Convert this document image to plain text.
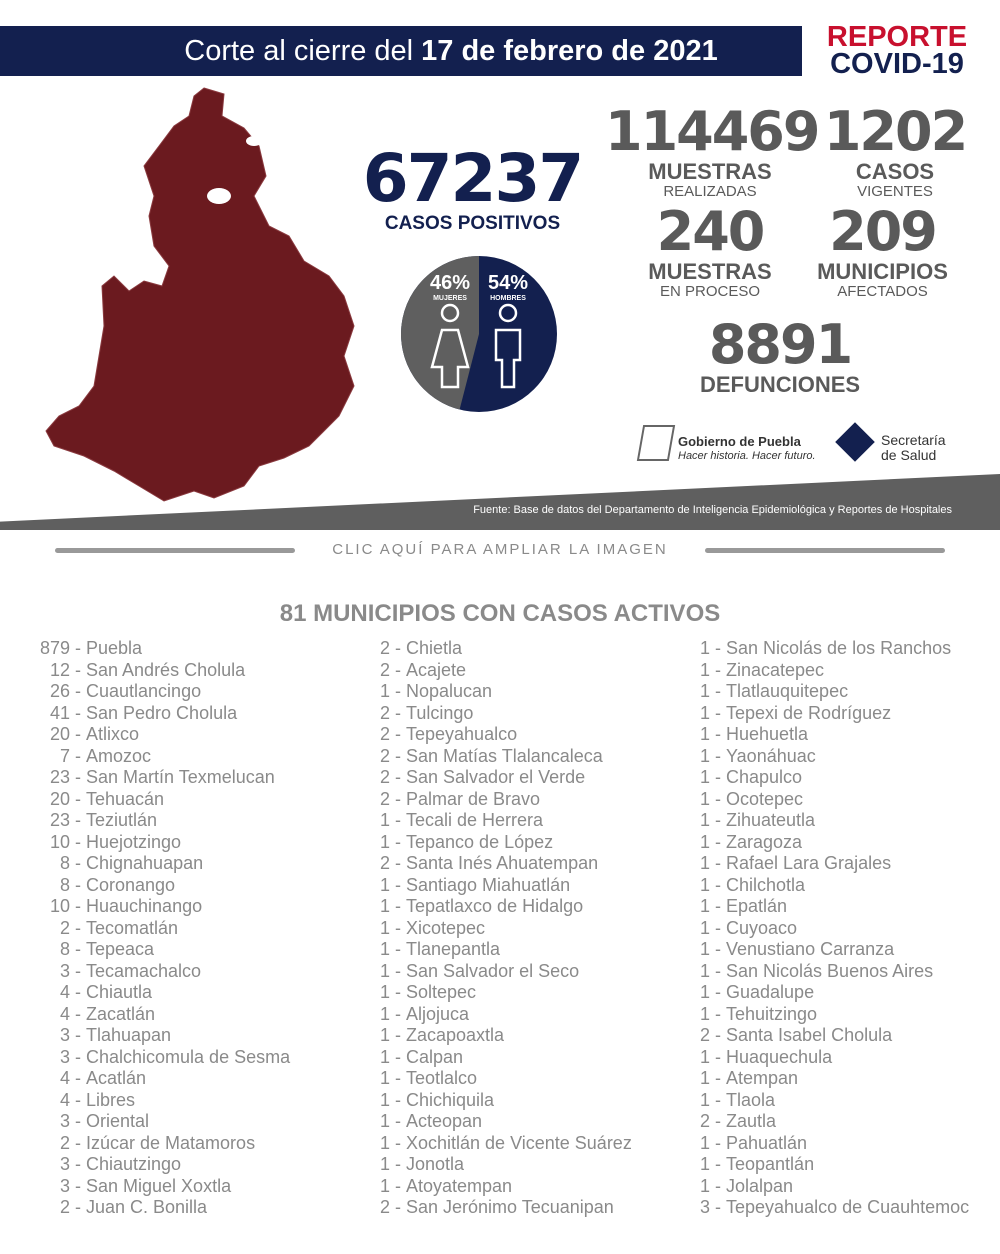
Corte al cierre del 17 de febrero de 2021	REPORTE
COVID-19
67237
CASOS POSITIVOS
46%
MUJERES
54%
HOMBRES
114469
MUESTRAS
REALIZADAS
1202
CASOS
VIGENTES
240
MUESTRAS
EN PROCESO
209
MUNICIPIOS
AFECTADOS
8891
DEFUNCIONES
Gobierno de Puebla
Hacer historia. Hacer futuro.
Secretaría
de Salud
Fuente: Base de datos del Departamento de Inteligencia Epidemiológica y Reportes de Hospitales
CLIC AQUÍ PARA AMPLIAR LA IMAGEN
81 MUNICIPIOS CON CASOS ACTIVOS
879 - Puebla
12 - San Andrés Cholula
26 - Cuautlancingo
41 - San Pedro Cholula
20 - Atlixco
7 - Amozoc
23 - San Martín Texmelucan
20 - Tehuacán
23 - Teziutlán
10 - Huejotzingo
8 - Chignahuapan
8 - Coronango
10 - Huauchinango
2 - Tecomatlán
8 - Tepeaca
3 - Tecamachalco
4 - Chiautla
4 - Zacatlán
3 - Tlahuapan
3 - Chalchicomula de Sesma
4 - Acatlán
4 - Libres
3 - Oriental
2 - Izúcar de Matamoros
3 - Chiautzingo
3 - San Miguel Xoxtla
2 - Juan C. Bonilla
2 - Chietla
2 - Acajete
1 - Nopalucan
2 - Tulcingo
2 - Tepeyahualco
2 - San Matías Tlalancaleca
2 - San Salvador el Verde
2 - Palmar de Bravo
1 - Tecali de Herrera
1 - Tepanco de López
2 - Santa Inés Ahuatempan
1 - Santiago Miahuatlán
1 - Tepatlaxco de Hidalgo
1 - Xicotepec
1 - Tlanepantla
1 - San Salvador el Seco
1 - Soltepec
1 - Aljojuca
1 - Zacapoaxtla
1 - Calpan
1 - Teotlalco
1 - Chichiquila
1 - Acteopan
1 - Xochitlán de Vicente Suárez
1 - Jonotla
1 - Atoyatempan
2 - San Jerónimo Tecuanipan
1 - San Nicolás de los Ranchos
1 - Zinacatepec
1 - Tlatlauquitepec
1 - Tepexi de Rodríguez
1 - Huehuetla
1 - Yaonáhuac
1 - Chapulco
1 - Ocotepec
1 - Zihuateutla
1 - Zaragoza
1 - Rafael Lara Grajales
1 - Chilchotla
1 - Epatlán
1 - Cuyoaco
1 - Venustiano Carranza
1 - San Nicolás Buenos Aires
1 - Guadalupe
1 - Tehuitzingo
2 - Santa Isabel Cholula
1 - Huaquechula
1 - Atempan
1 - Tlaola
2 - Zautla
1 - Pahuatlán
1 - Teopantlán
1 - Jolalpan
3 - Tepeyahualco de Cuauhtemoc
